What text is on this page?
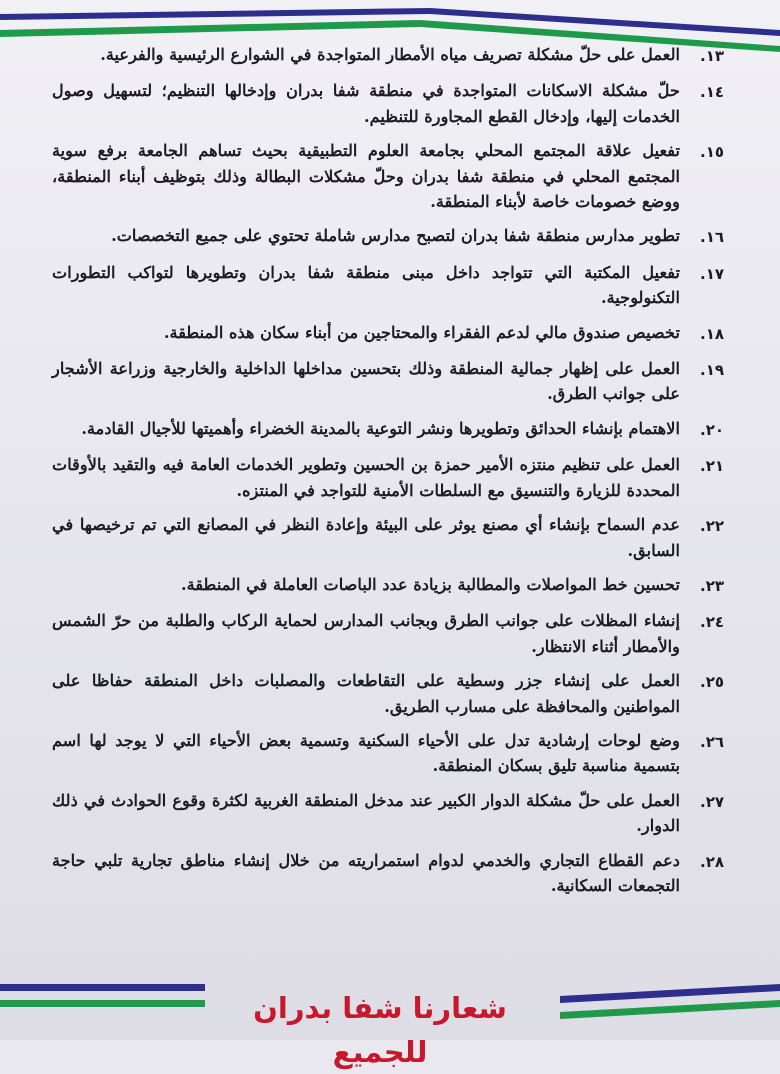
١٣.
العمل على حلّ مشكلة تصريف مياه الأمطار المتواجدة في الشوارع الرئيسية والفرعية.
١٤.
حلّ مشكلة الاسكانات المتواجدة في منطقة شفا بدران وإدخالها التنظيم؛ لتسهيل وصول الخدمات إليها، وإدخال القطع المجاورة للتنظيم.
١٥.
تفعيل علاقة المجتمع المحلي بجامعة العلوم التطبيقية بحيث تساهم الجامعة برفع سوية المجتمع المحلي في منطقة شفا بدران وحلّ مشكلات البطالة وذلك بتوظيف أبناء المنطقة، ووضع خصومات خاصة لأبناء المنطقة.
١٦.
تطوير مدارس منطقة شفا بدران لتصبح مدارس شاملة تحتوي على جميع التخصصات.
١٧.
تفعيل المكتبة التي تتواجد داخل مبنى منطقة شفا بدران وتطويرها لتواكب التطورات التكنولوجية.
١٨.
تخصيص صندوق مالي لدعم الفقراء والمحتاجين من أبناء سكان هذه المنطقة.
١٩.
العمل على إظهار جمالية المنطقة وذلك بتحسين مداخلها الداخلية والخارجية وزراعة الأشجار على جوانب الطرق.
٢٠.
الاهتمام بإنشاء الحدائق وتطويرها ونشر التوعية بالمدينة الخضراء وأهميتها للأجيال القادمة.
٢١.
العمل على تنظيم منتزه الأمير حمزة بن الحسين وتطوير الخدمات العامة فيه والتقيد بالأوقات المحددة للزيارة والتنسيق مع السلطات الأمنية للتواجد في المنتزه.
٢٢.
عدم السماح بإنشاء أي مصنع يوثر على البيئة وإعادة النظر في المصانع التي تم ترخيصها في السابق.
٢٣.
تحسين خط المواصلات والمطالبة بزيادة عدد الباصات العاملة في المنطقة.
٢٤.
إنشاء المظلات على جوانب الطرق وبجانب المدارس لحماية الركاب والطلبة من حرّ الشمس والأمطار أثناء الانتظار.
٢٥.
العمل على إنشاء جزر وسطية على التقاطعات والمصلبات داخل المنطقة حفاظا على المواطنين والمحافظة على مسارب الطريق.
٢٦.
وضع لوحات إرشادية تدل على الأحياء السكنية وتسمية بعض الأحياء التي لا يوجد لها اسم بتسمية مناسبة تليق بسكان المنطقة.
٢٧.
العمل على حلّ مشكلة الدوار الكبير عند مدخل المنطقة الغربية لكثرة وقوع الحوادث في ذلك الدوار.
٢٨.
دعم القطاع التجاري والخدمي لدوام استمراريته من خلال إنشاء مناطق تجارية تلبي حاجة التجمعات السكانية.
شعارنا شفا بدران للجميع
